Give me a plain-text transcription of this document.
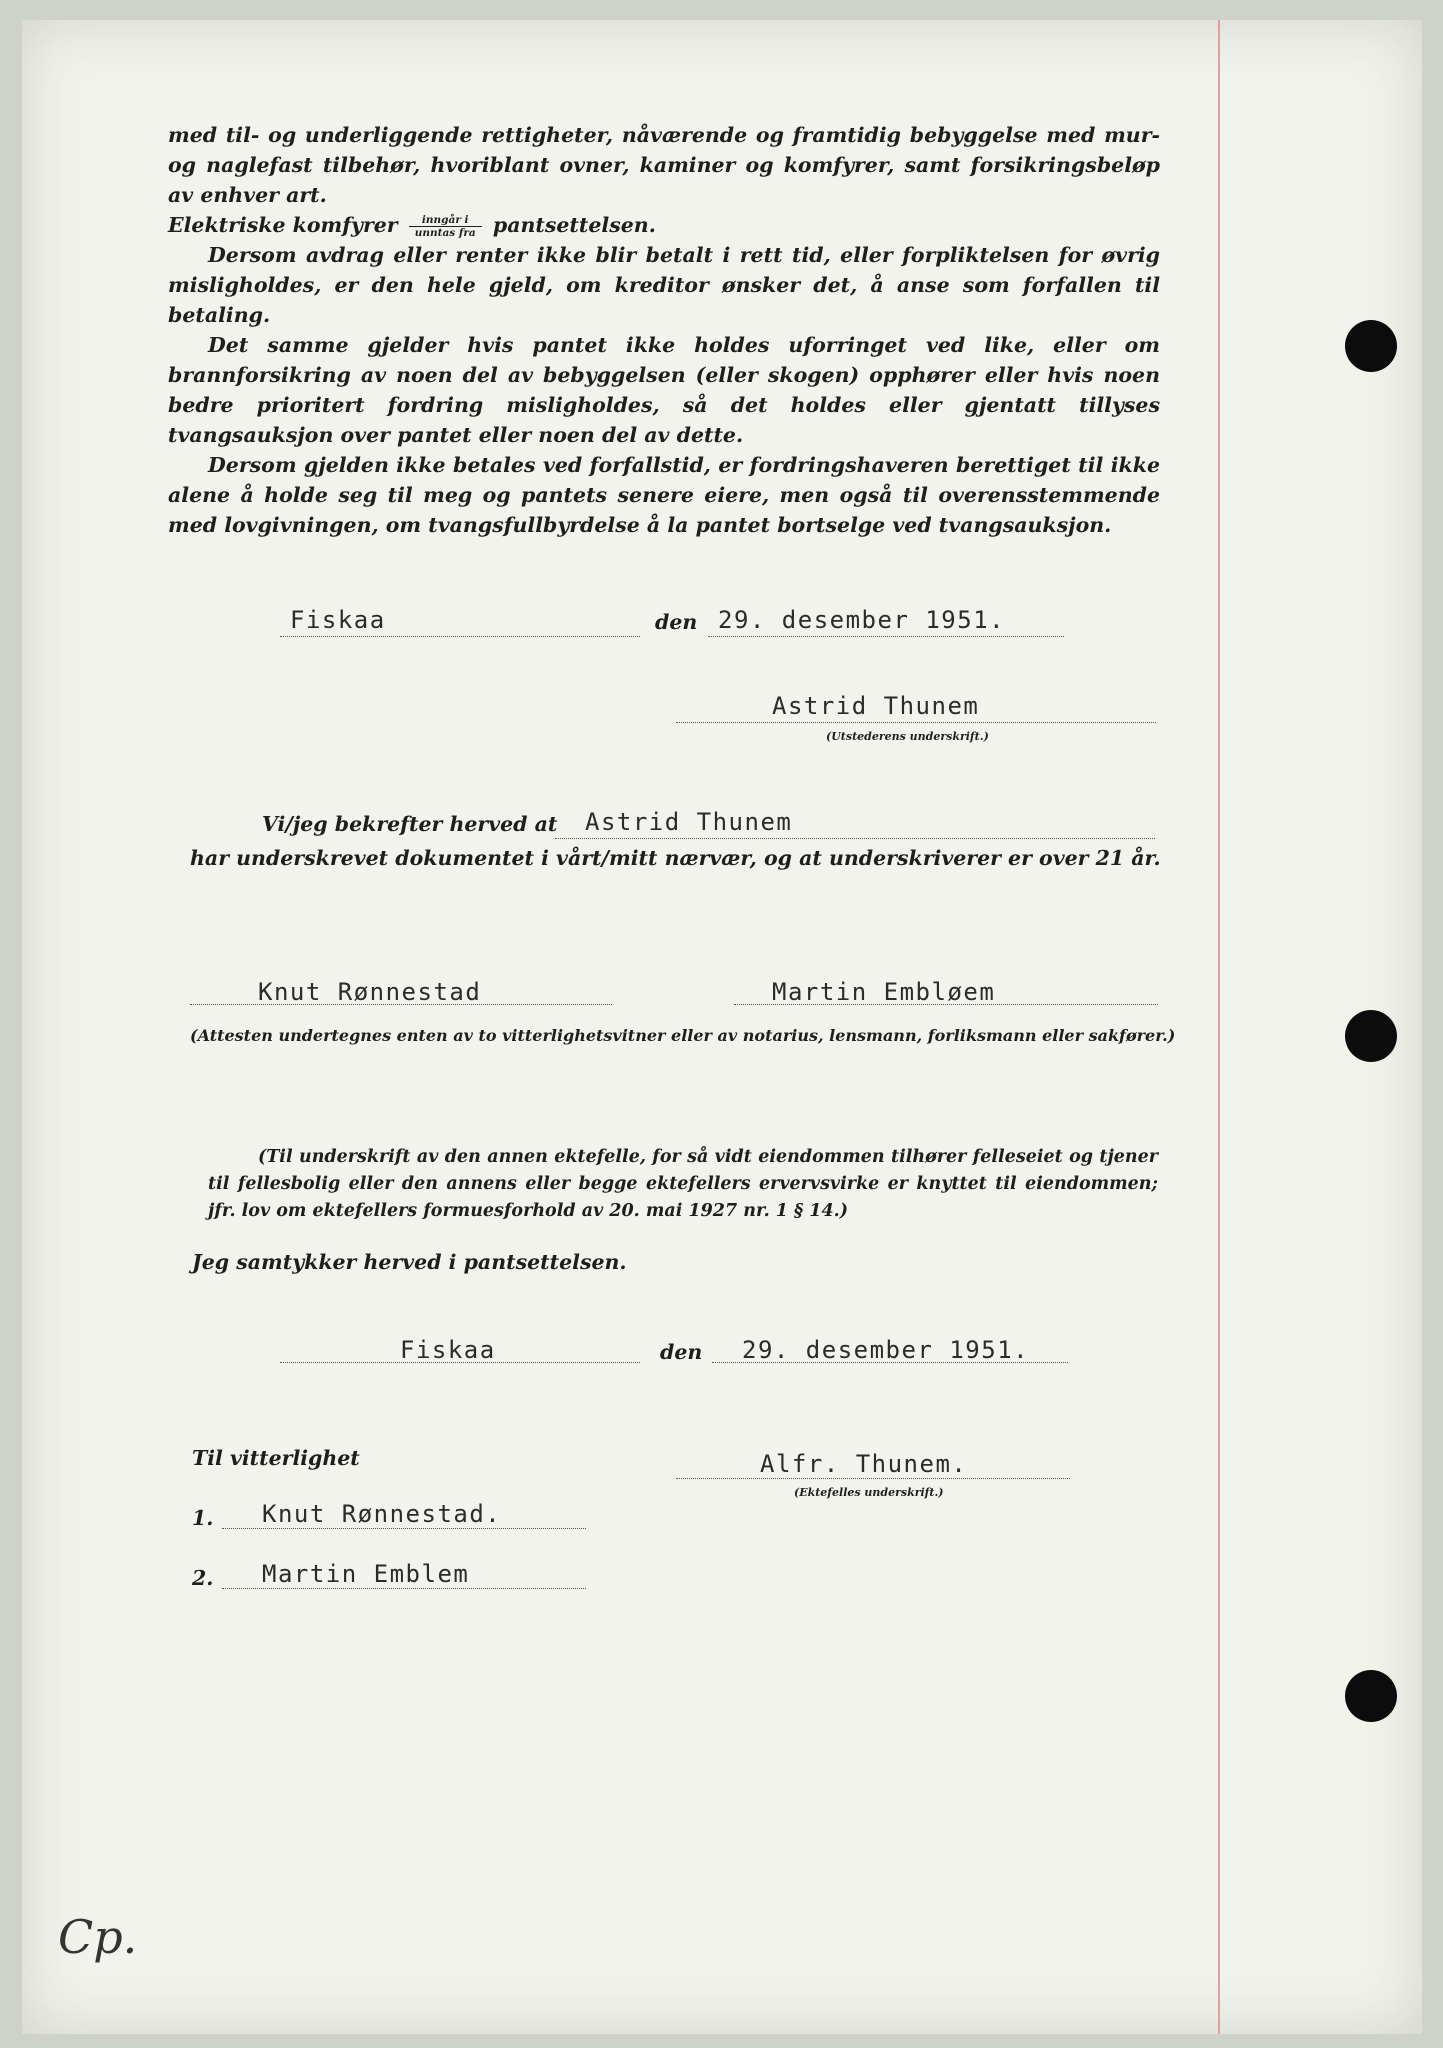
med til- og underliggende rettigheter, nåværende og framtidig bebyggelse med mur- og naglefast tilbehør, hvoriblant ovner, kaminer og komfyrer, samt forsikringsbeløp av enhver art.

Elektriske komfyrer $\frac{\text{inngår i}}{\text{unntas fra}}$ pantsettelsen.

Dersom avdrag eller renter ikke blir betalt i rett tid, eller forpliktelsen for øvrig misligholdes, er den hele gjeld, om kreditor ønsker det, å anse som forfallen til betaling.

Det samme gjelder hvis pantet ikke holdes uforringet ved like, eller om brannforsikring av noen del av bebyggelsen (eller skogen) opphører eller hvis noen bedre prioritert fordring misligholdes, så det holdes eller gjentatt tillyses tvangsauksjon over pantet eller noen del av dette.

Dersom gjelden ikke betales ved forfallstid, er fordringshaveren berettiget til ikke alene å holde seg til meg og pantets senere eiere, men også til overensstemmende med lovgivningen, om tvangsfullbyrdelse å la pantet bortselge ved tvangsauksjon.

Fiskaa	den 29. desember 1951.
Astrid Thunem
(Utstederens underskrift.)
Vi/jeg bekrefter herved at Astrid Thunem
har underskrevet dokumentet i vårt/mitt nærvær, og at underskriverer er over 21 år.
Knut Rønnestad	Martin Embløem
(Attesten undertegnes enten av to vitterlighetsvitner eller av notarius, lensmann, forliksmann eller sakfører.)
(Til underskrift av den annen ektefelle, for så vidt eiendommen tilhører felleseiet og tjener til fellesbolig eller den annens eller begge ektefellers ervervsvirke er knyttet til eiendommen; jfr. lov om ektefellers formuesforhold av 20. mai 1927 nr. 1 § 14.)
Jeg samtykker herved i pantsettelsen.
Fiskaa	den 29. desember 1951.
Til vitterlighet	Alfr. Thunem.
(Ektefelles underskrift.)
1. Knut Rønnestad.
2. Martin Emblem
Cp.
